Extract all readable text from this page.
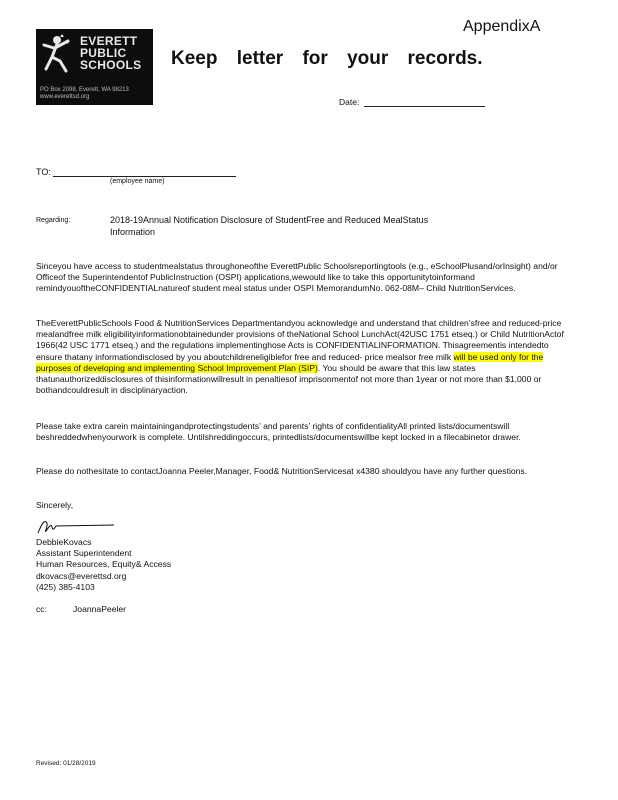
AppendixA
EVERETT
PUBLIC
SCHOOLS
PO Box 2098, Everett, WA 98213
www.everettsd.org
Keep letter for your records.
Date:
TO:
(employee name)
Regarding:	2018-19Annual Notification Disclosure of StudentFree and Reduced MealStatus Information
Sinceyou have access to studentmealstatus throughoneofthe EverettPublic Schoolsreportingtools (e.g., eSchoolPlusand/orInsight) and/or Officeof the Superintendentof PublicInstruction (OSPI) applications,wewould like to take this opportunitytoinformand remindyouoftheCONFIDENTIALnatureof student meal status under OSPI MemorandumNo. 062-08M– Child NutritionServices.
TheEverettPublicSchools Food & NutritionServices Departmentandyou acknowledge and understand that children’sfree and reduced-price mealandfree milk eligibilityinformationobtainedunder provisions of theNational School LunchAct(42USC 1751 etseq.) or Child NutritionActof 1966(42 USC 1771 etseq.) and the regulations implementinghose Acts is CONFIDENTIALINFORMATION. Thisagreementis intendedto ensure thatany informationdisclosed by you aboutchildreneligiblefor free and reduced- price mealsor free milk will be used only for the purposes of developing and implementing School Improvement Plan (SIP). You should be aware that this law states thatunauthorizeddisclosures of thisinformationwillresult in penaltiesof imprisonmentof not more than 1year or not more than $1,000 or bothandcouldresult in disciplinaryaction.
Please take extra carein maintainingandprotectingstudents’ and parents’ rights of confidentialityAll printed lists/documentswill beshreddedwhenyourwork is complete. Untilshreddingoccurs, printedlists/documentswillbe kept locked in a filecabinetor drawer.
Please do nothesitate to contactJoanna Peeler,Manager, Food& NutritionServicesat x4380 shouldyou have any further questions.
Sincerely,
DebbieKovacs
Assistant Superintendent
Human Resources, Equity& Access
dkovacs@everettsd.org
(425) 385-4103
cc:	JoannaPeeler
Revised: 01/28/2019
